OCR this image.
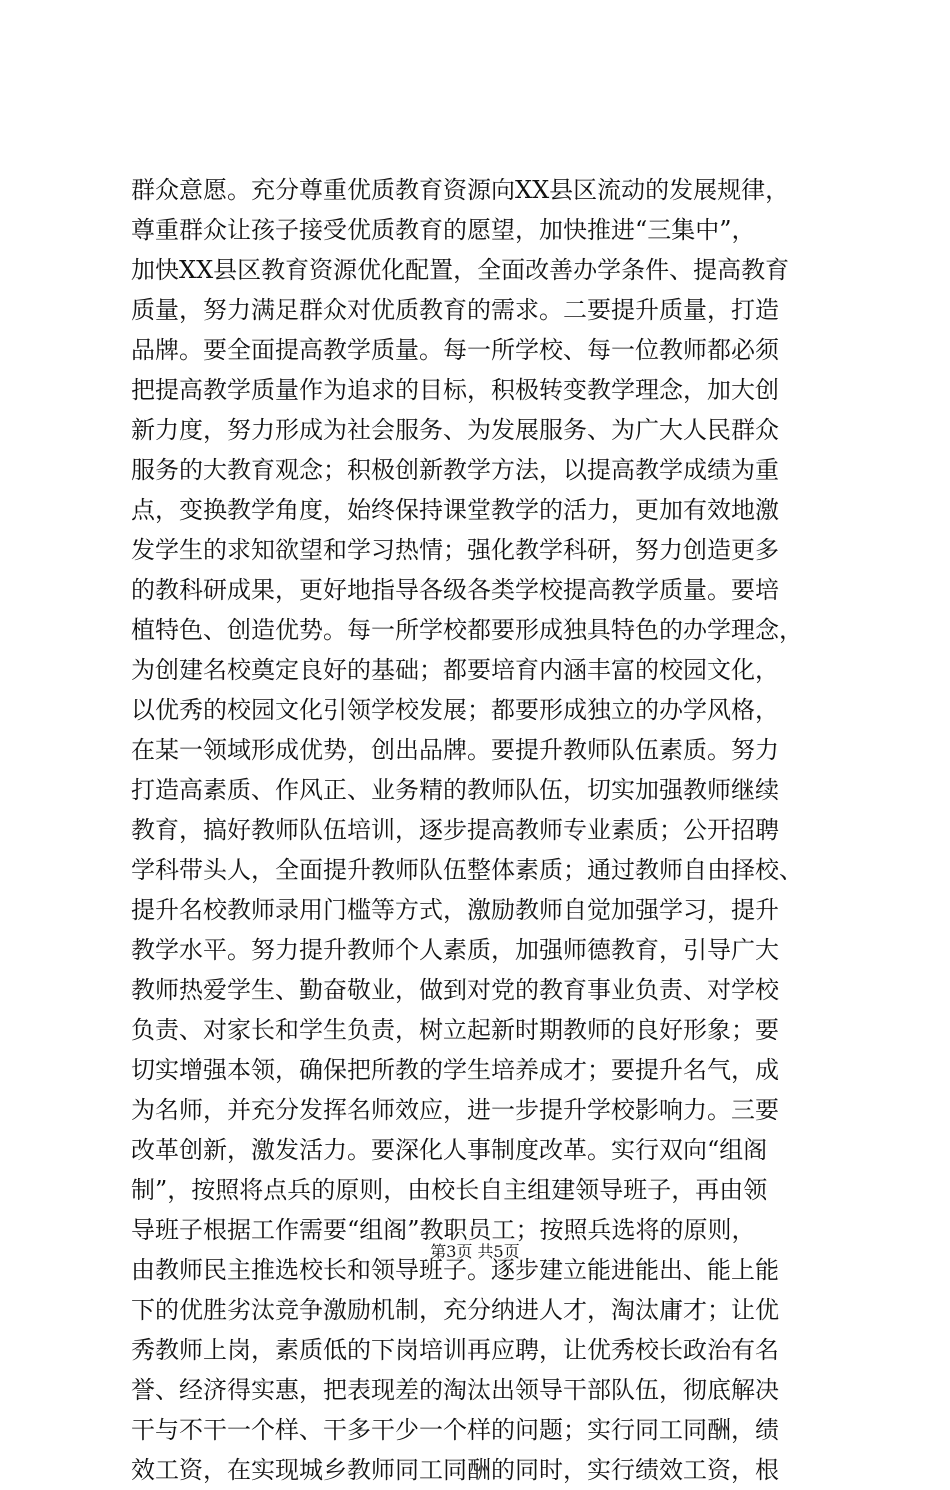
群众意愿。充分尊重优质教育资源向XX县区流动的发展规律，
尊重群众让孩子接受优质教育的愿望，加快推进“三集中”，
加快XX县区教育资源优化配置，全面改善办学条件、提高教育
质量，努力满足群众对优质教育的需求。二要提升质量，打造
品牌。要全面提高教学质量。每一所学校、每一位教师都必须
把提高教学质量作为追求的目标，积极转变教学理念，加大创
新力度，努力形成为社会服务、为发展服务、为广大人民群众
服务的大教育观念；积极创新教学方法，以提高教学成绩为重
点，变换教学角度，始终保持课堂教学的活力，更加有效地激
发学生的求知欲望和学习热情；强化教学科研，努力创造更多
的教科研成果，更好地指导各级各类学校提高教学质量。要培
植特色、创造优势。每一所学校都要形成独具特色的办学理念，
为创建名校奠定良好的基础；都要培育内涵丰富的校园文化，
以优秀的校园文化引领学校发展；都要形成独立的办学风格，
在某一领域形成优势，创出品牌。要提升教师队伍素质。努力
打造高素质、作风正、业务精的教师队伍，切实加强教师继续
教育，搞好教师队伍培训，逐步提高教师专业素质；公开招聘
学科带头人，全面提升教师队伍整体素质；通过教师自由择校、
提升名校教师录用门槛等方式，激励教师自觉加强学习，提升
教学水平。努力提升教师个人素质，加强师德教育，引导广大
教师热爱学生、勤奋敬业，做到对党的教育事业负责、对学校
负责、对家长和学生负责，树立起新时期教师的良好形象；要
切实增强本领，确保把所教的学生培养成才；要提升名气，成
为名师，并充分发挥名师效应，进一步提升学校影响力。三要
改革创新，激发活力。要深化人事制度改革。实行双向“组阁
制”，按照将点兵的原则，由校长自主组建领导班子，再由领
导班子根据工作需要“组阁”教职员工；按照兵选将的原则，
由教师民主推选校长和领导班子。逐步建立能进能出、能上能
下的优胜劣汰竞争激励机制，充分纳进人才，淘汰庸才；让优
秀教师上岗，素质低的下岗培训再应聘，让优秀校长政治有名
誉、经济得实惠，把表现差的淘汰出领导干部队伍，彻底解决
干与不干一个样、干多干少一个样的问题；实行同工同酬，绩
效工资，在实现城乡教师同工同酬的同时，实行绩效工资，根
第3页 共5页
